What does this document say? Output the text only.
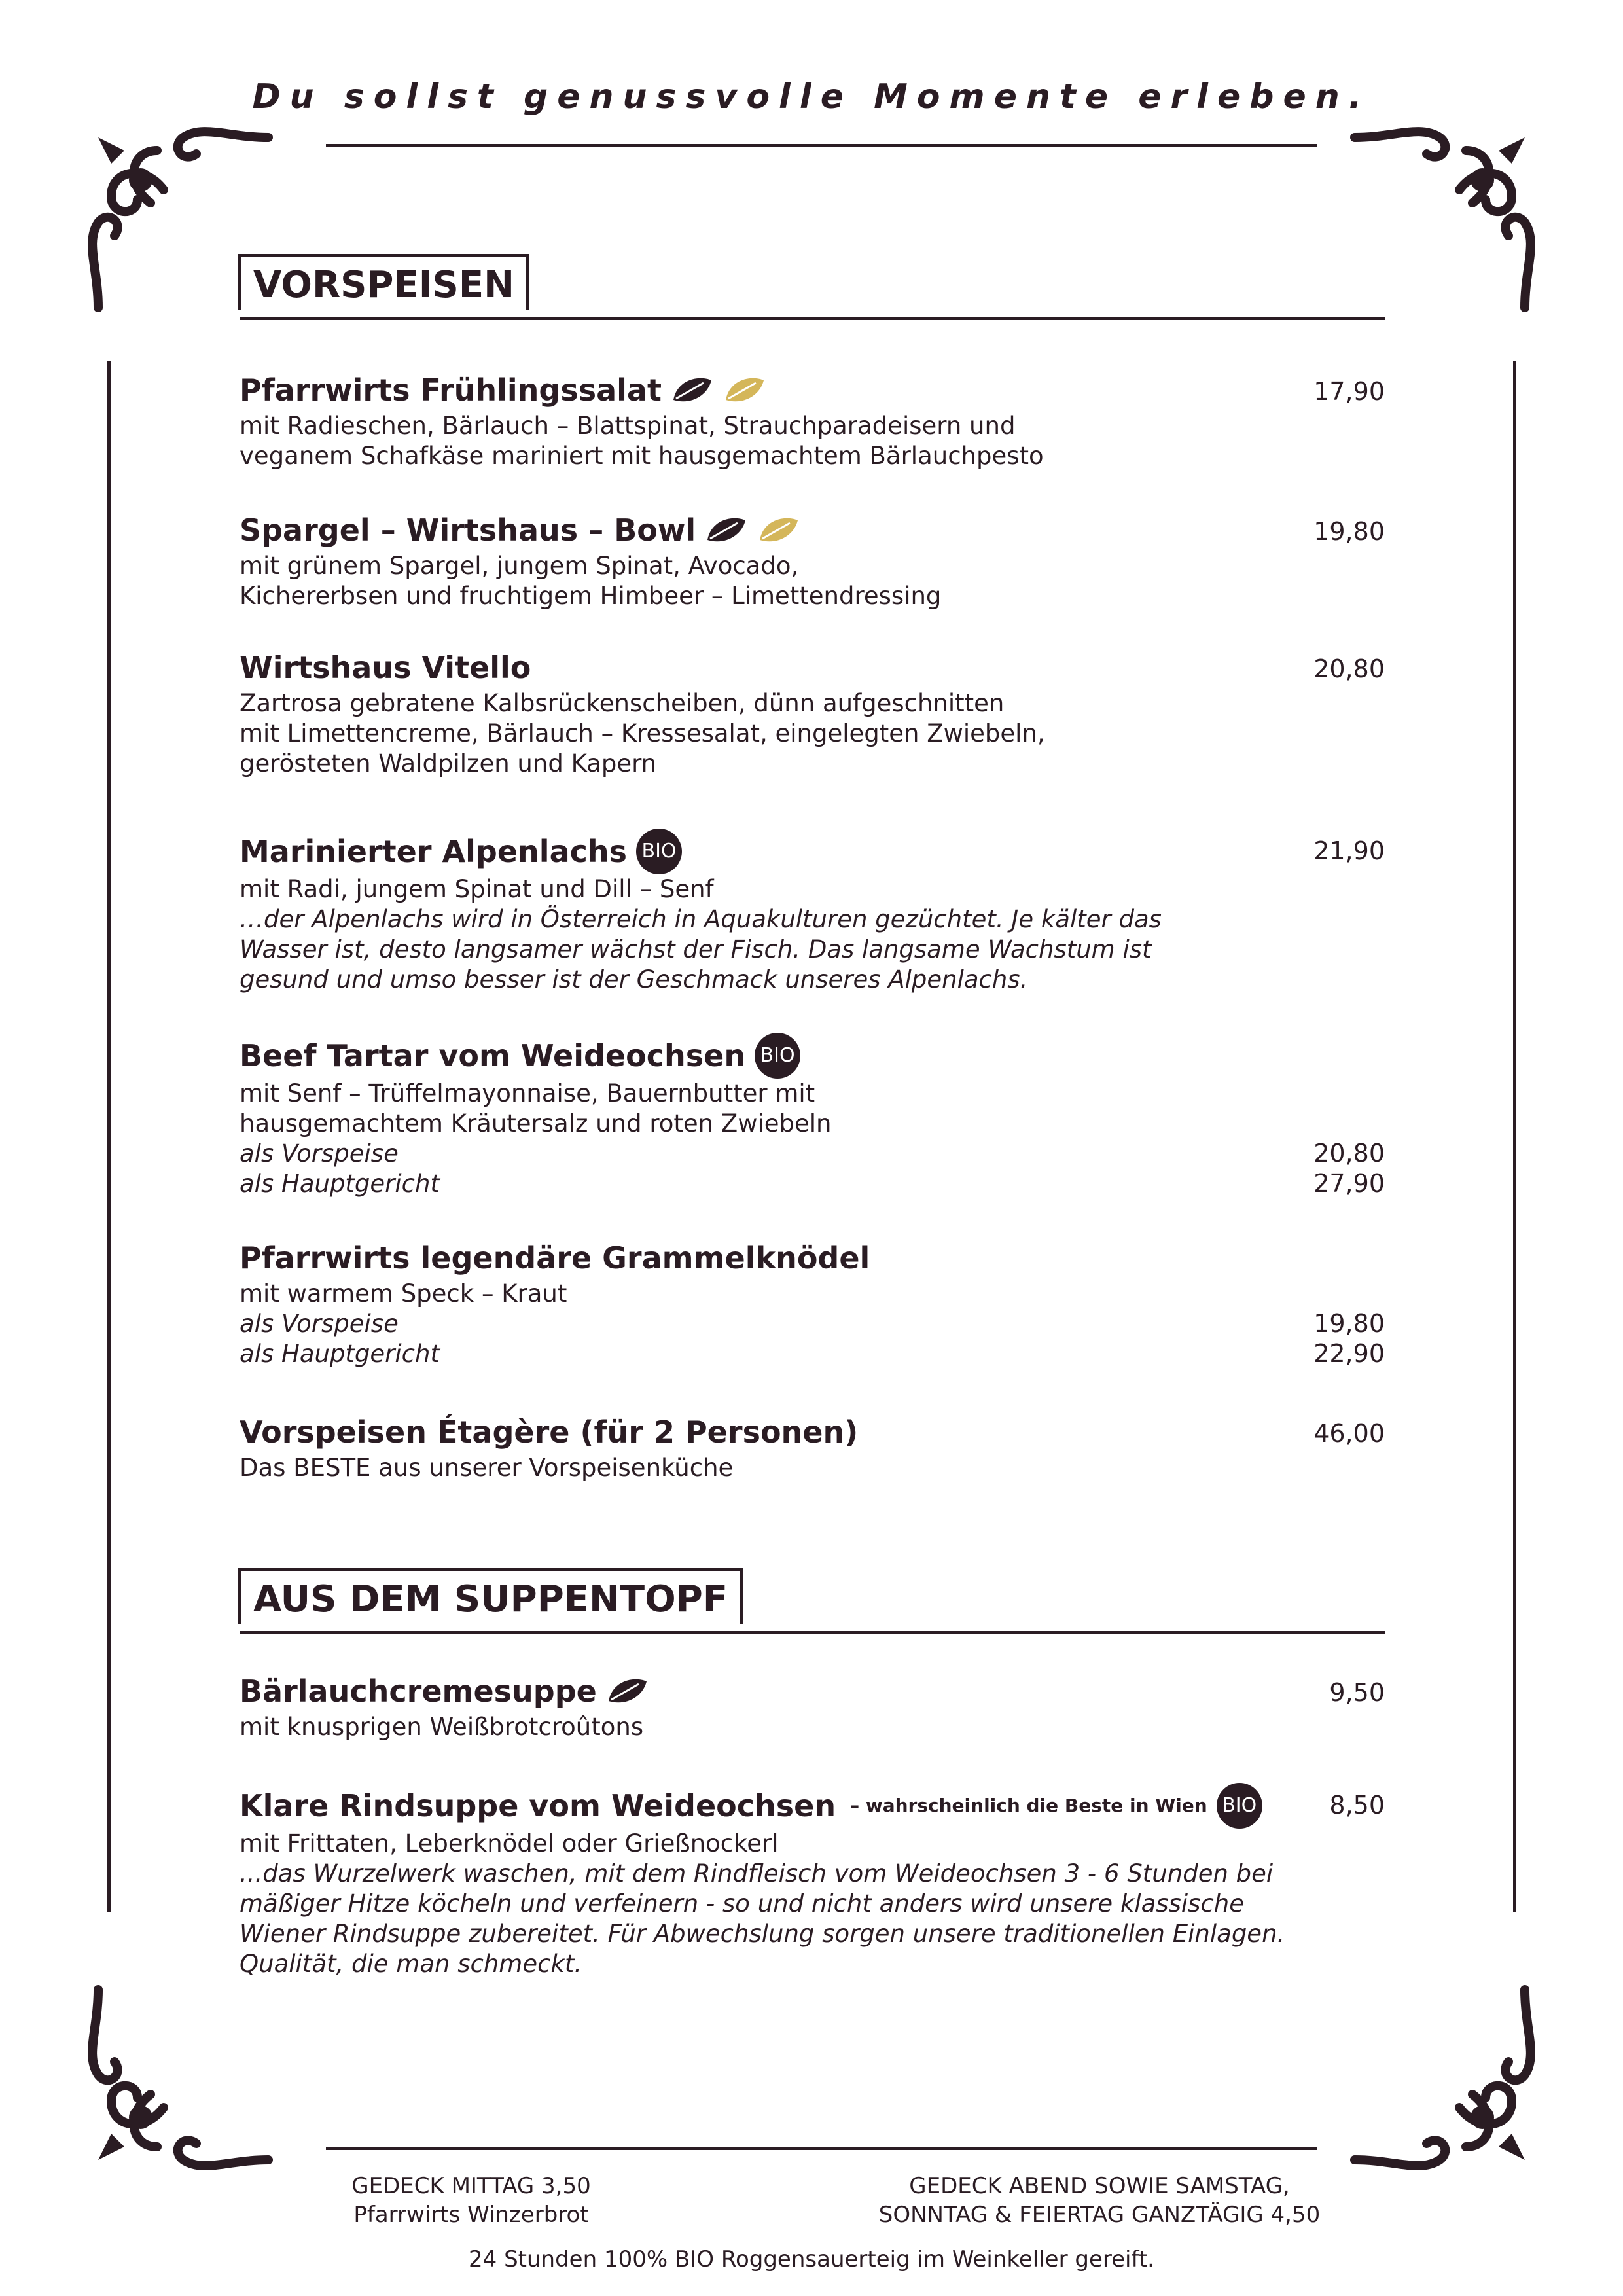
Du sollst genussvolle Momente erleben.
VORSPEISEN
Pfarrwirts Frühlingssalat	17,90
mit Radieschen, Bärlauch – Blattspinat, Strauchparadeisern und
veganem Schafkäse mariniert mit hausgemachtem Bärlauchpesto
Spargel – Wirtshaus – Bowl	19,80
mit grünem Spargel, jungem Spinat, Avocado,
Kichererbsen und fruchtigem Himbeer – Limettendressing
Wirtshaus Vitello	20,80
Zartrosa gebratene Kalbsrückenscheiben, dünn aufgeschnitten
mit Limettencreme, Bärlauch – Kressesalat, eingelegten Zwiebeln,
gerösteten Waldpilzen und Kapern
Marinierter Alpenlachs BIO	21,90
mit Radi, jungem Spinat und Dill – Senf
…der Alpenlachs wird in Österreich in Aquakulturen gezüchtet. Je kälter das
Wasser ist, desto langsamer wächst der Fisch. Das langsame Wachstum ist
gesund und umso besser ist der Geschmack unseres Alpenlachs.
Beef Tartar vom Weideochsen BIO
mit Senf – Trüffelmayonnaise, Bauernbutter mit
hausgemachtem Kräutersalz und roten Zwiebeln
als Vorspeise	20,80
als Hauptgericht	27,90
Pfarrwirts legendäre Grammelknödel
mit warmem Speck – Kraut
als Vorspeise	19,80
als Hauptgericht	22,90
Vorspeisen Étagère (für 2 Personen)	46,00
Das BESTE aus unserer Vorspeisenküche
AUS DEM SUPPENTOPF
Bärlauchcremesuppe	9,50
mit knusprigen Weißbrotcroûtons
Klare Rindsuppe vom Weideochsen – wahrscheinlich die Beste in Wien BIO	8,50
mit Frittaten, Leberknödel oder Grießnockerl
...das Wurzelwerk waschen, mit dem Rindfleisch vom Weideochsen 3 - 6 Stunden bei
mäßiger Hitze köcheln und verfeinern - so und nicht anders wird unsere klassische
Wiener Rindsuppe zubereitet. Für Abwechslung sorgen unsere traditionellen Einlagen.
Qualität, die man schmeckt.
GEDECK MITTAG 3,50
Pfarrwirts Winzerbrot
GEDECK ABEND SOWIE SAMSTAG,
SONNTAG & FEIERTAG GANZTÄGIG 4,50
24 Stunden 100% BIO Roggensauerteig im Weinkeller gereift.
